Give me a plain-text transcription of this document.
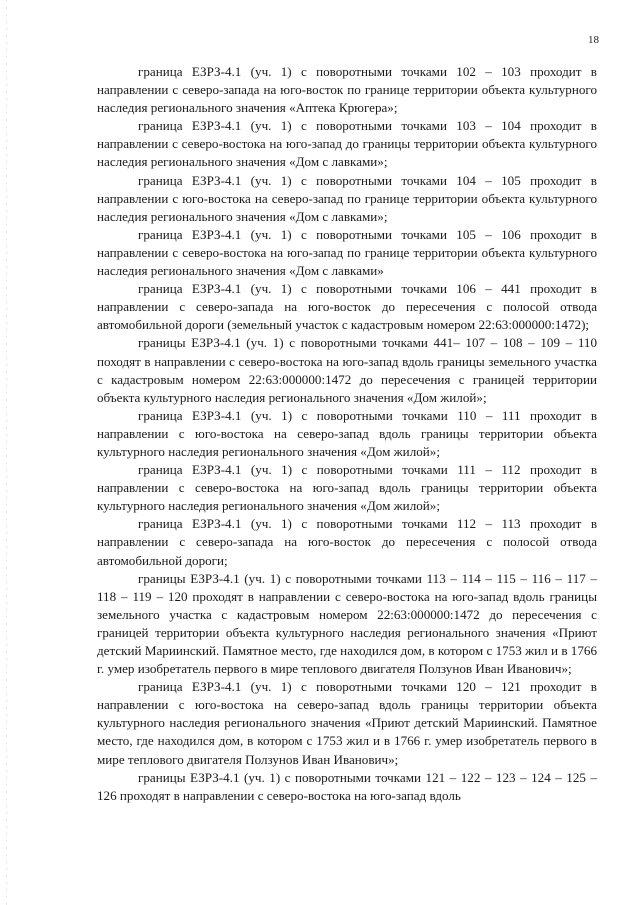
18

граница ЕЗРЗ-4.1 (уч. 1) с поворотными точками 102 – 103 проходит в направлении с северо-запада на юго-восток по границе территории объекта культурного наследия регионального значения «Аптека Крюгера»;

граница ЕЗРЗ-4.1 (уч. 1) с поворотными точками 103 – 104 проходит в направлении с северо-востока на юго-запад до границы территории объекта культурного наследия регионального значения «Дом с лавками»;

граница ЕЗРЗ-4.1 (уч. 1) с поворотными точками 104 – 105 проходит в направлении с юго-востока на северо-запад по границе территории объекта культурного наследия регионального значения «Дом с лавками»;

граница ЕЗРЗ-4.1 (уч. 1) с поворотными точками 105 – 106 проходит в направлении с северо-востока на юго-запад по границе территории объекта культурного наследия регионального значения «Дом с лавками»

граница ЕЗРЗ-4.1 (уч. 1) с поворотными точками 106 – 441 проходит в направлении с северо-запада на юго-восток до пересечения с полосой отвода автомобильной дороги (земельный участок с кадастровым номером 22:63:000000:1472);

границы ЕЗРЗ-4.1 (уч. 1) с поворотными точками 441– 107 – 108 – 109 – 110 походят в направлении с северо-востока на юго-запад вдоль границы земельного участка с кадастровым номером 22:63:000000:1472 до пересечения с границей территории объекта культурного наследия регионального значения «Дом жилой»;

граница ЕЗРЗ-4.1 (уч. 1) с поворотными точками 110 – 111 проходит в направлении с юго-востока на северо-запад вдоль границы территории объекта культурного наследия регионального значения «Дом жилой»;

граница ЕЗРЗ-4.1 (уч. 1) с поворотными точками 111 – 112 проходит в направлении с северо-востока на юго-запад вдоль границы территории объекта культурного наследия регионального значения «Дом жилой»;

граница ЕЗРЗ-4.1 (уч. 1) с поворотными точками 112 – 113 проходит в направлении с северо-запада на юго-восток до пересечения с полосой отвода автомобильной дороги;

границы ЕЗРЗ-4.1 (уч. 1) с поворотными точками 113 – 114 – 115 – 116 – 117 – 118 – 119 – 120 проходят в направлении с северо-востока на юго-запад вдоль границы земельного участка с кадастровым номером 22:63:000000:1472 до пересечения с границей территории объекта культурного наследия регионального значения «Приют детский Мариинский. Памятное место, где находился дом, в котором с 1753 жил и в 1766 г. умер изобретатель первого в мире теплового двигателя Ползунов Иван Иванович»;

граница ЕЗРЗ-4.1 (уч. 1) с поворотными точками 120 – 121 проходит в направлении с юго-востока на северо-запад вдоль границы территории объекта культурного наследия регионального значения «Приют детский Мариинский. Памятное место, где находился дом, в котором с 1753 жил и в 1766 г. умер изобретатель первого в мире теплового двигателя Ползунов Иван Иванович»;

границы ЕЗРЗ-4.1 (уч. 1) с поворотными точками 121 – 122 – 123 – 124 – 125 – 126 проходят в направлении с северо-востока на юго-запад вдоль
